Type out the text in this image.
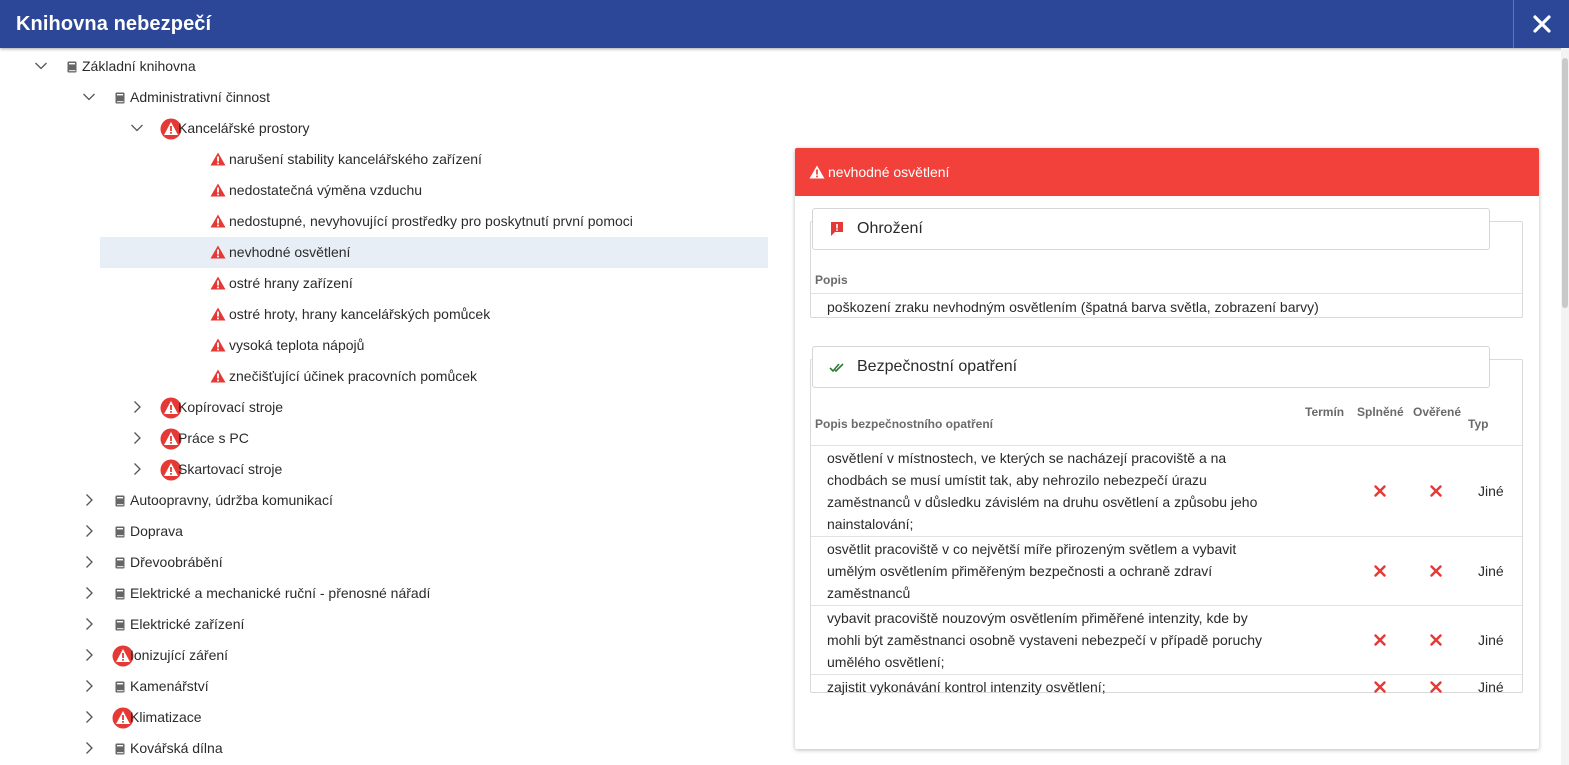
Knihovna nebezpečí
Základní knihovna
Administrativní činnost
Kancelářské prostory
narušení stability kancelářského zařízení
nedostatečná výměna vzduchu
nedostupné, nevyhovující prostředky pro poskytnutí první pomoci
nevhodné osvětlení
ostré hrany zařízení
ostré hroty, hrany kancelářských pomůcek
vysoká teplota nápojů
znečišťující účinek pracovních pomůcek
Kopírovací stroje
Práce s PC
Skartovací stroje
Autoopravny, údržba komunikací
Doprava
Dřevoobrábění
Elektrické a mechanické ruční - přenosné nářadí
Elektrické zařízení
Ionizující záření
Kamenářství
Klimatizace
Kovářská dílna
nevhodné osvětlení
Popis
poškození zraku nevhodným osvětlením (špatná barva světla, zobrazení barvy)
Ohrožení
Popis bezpečnostního opatření
Termín Splněné Ověřené
Typ
osvětlení v místnostech, ve kterých se nacházejí pracoviště a na
chodbách se musí umístit tak, aby nehrozilo nebezpečí úrazu
zaměstnanců v důsledku závislém na druhu osvětlení a způsobu jeho
nainstalování;
Jiné
osvětlit pracoviště v co největší míře přirozeným světlem a vybavit
umělým osvětlením přiměřeným bezpečnosti a ochraně zdraví
zaměstnanců
Jiné
vybavit pracoviště nouzovým osvětlením přiměřené intenzity, kde by
mohli být zaměstnanci osobně vystaveni nebezpečí v případě poruchy
umělého osvětlení;
Jiné
zajistit vykonávání kontrol intenzity osvětlení;	Jiné
Bezpečnostní opatření
